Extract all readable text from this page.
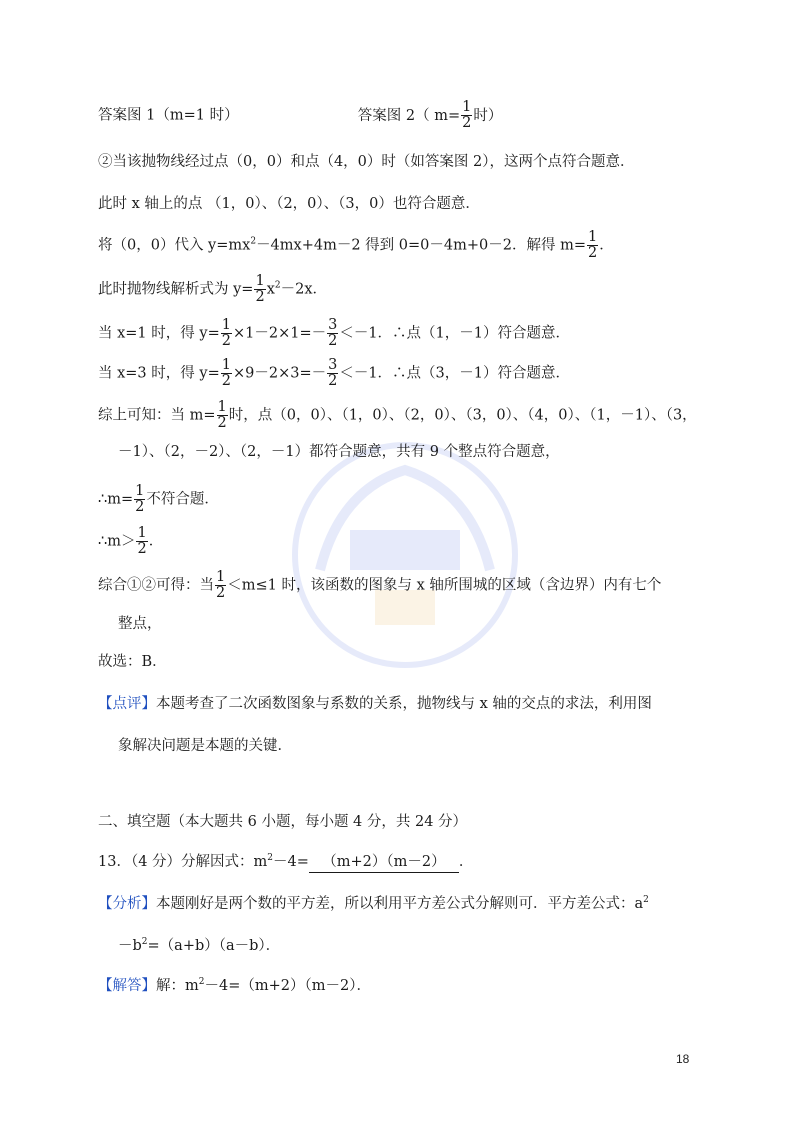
答案图 1（m=1 时）	答案图 2（ $m= \frac{1}{2}$ 时）
②当该抛物线经过点（0，0）和点（4，0）时（如答案图 2），这两个点符合题意．
此时 x 轴上的点 （1，0）、（2，0）、（3，0）也符合题意．
将（0，0）代入 $y=mx^2-4mx+4m-2$ 得到 0=0－4m+0－2．解得 $m= \frac{1}{2}$ ．
此时抛物线解析式为 $y= \frac{1}{2} x^2-2x$．
当 x=1 时，得 $y= \frac{1}{2} \times 1-2\times 1=- \frac{3}{2} <-1$．∴点（1，－1）符合题意．
当 x=3 时，得 $y= \frac{1}{2} \times 9-2\times 3=- \frac{3}{2} <-1$．∴点（3，－1）符合题意．
综上可知：当 $m= \frac{1}{2}$ 时，点（0，0）、（1，0）、（2，0）、（3，0）、（4，0）、（1，－1）、（3，
－1）、（2，－2）、（2，－1）都符合题意，共有 9 个整点符合题意，
∴m= $\frac{1}{2}$ 不符合题．
∴m＞ $\frac{1}{2}$ ．
综合①②可得：当 $\frac{1}{2} <m\le 1$ 时，该函数的图象与 x 轴所围城的区域（含边界）内有七个
整点，
故选：B．
【点评】本题考查了二次函数图象与系数的关系，抛物线与 x 轴的交点的求法，利用图
象解决问题是本题的关键．
二、填空题（本大题共 6 小题，每小题 4 分，共 24 分）
13．（4 分）分解因式：$m^2-4= (m+2)(m-2)$ ．
【分析】本题刚好是两个数的平方差，所以利用平方差公式分解则可．平方差公式：$a^2$
$-b^2=(a+b)(a-b)$．
【解答】解：$m^2-4=(m+2)(m-2)$．
18
